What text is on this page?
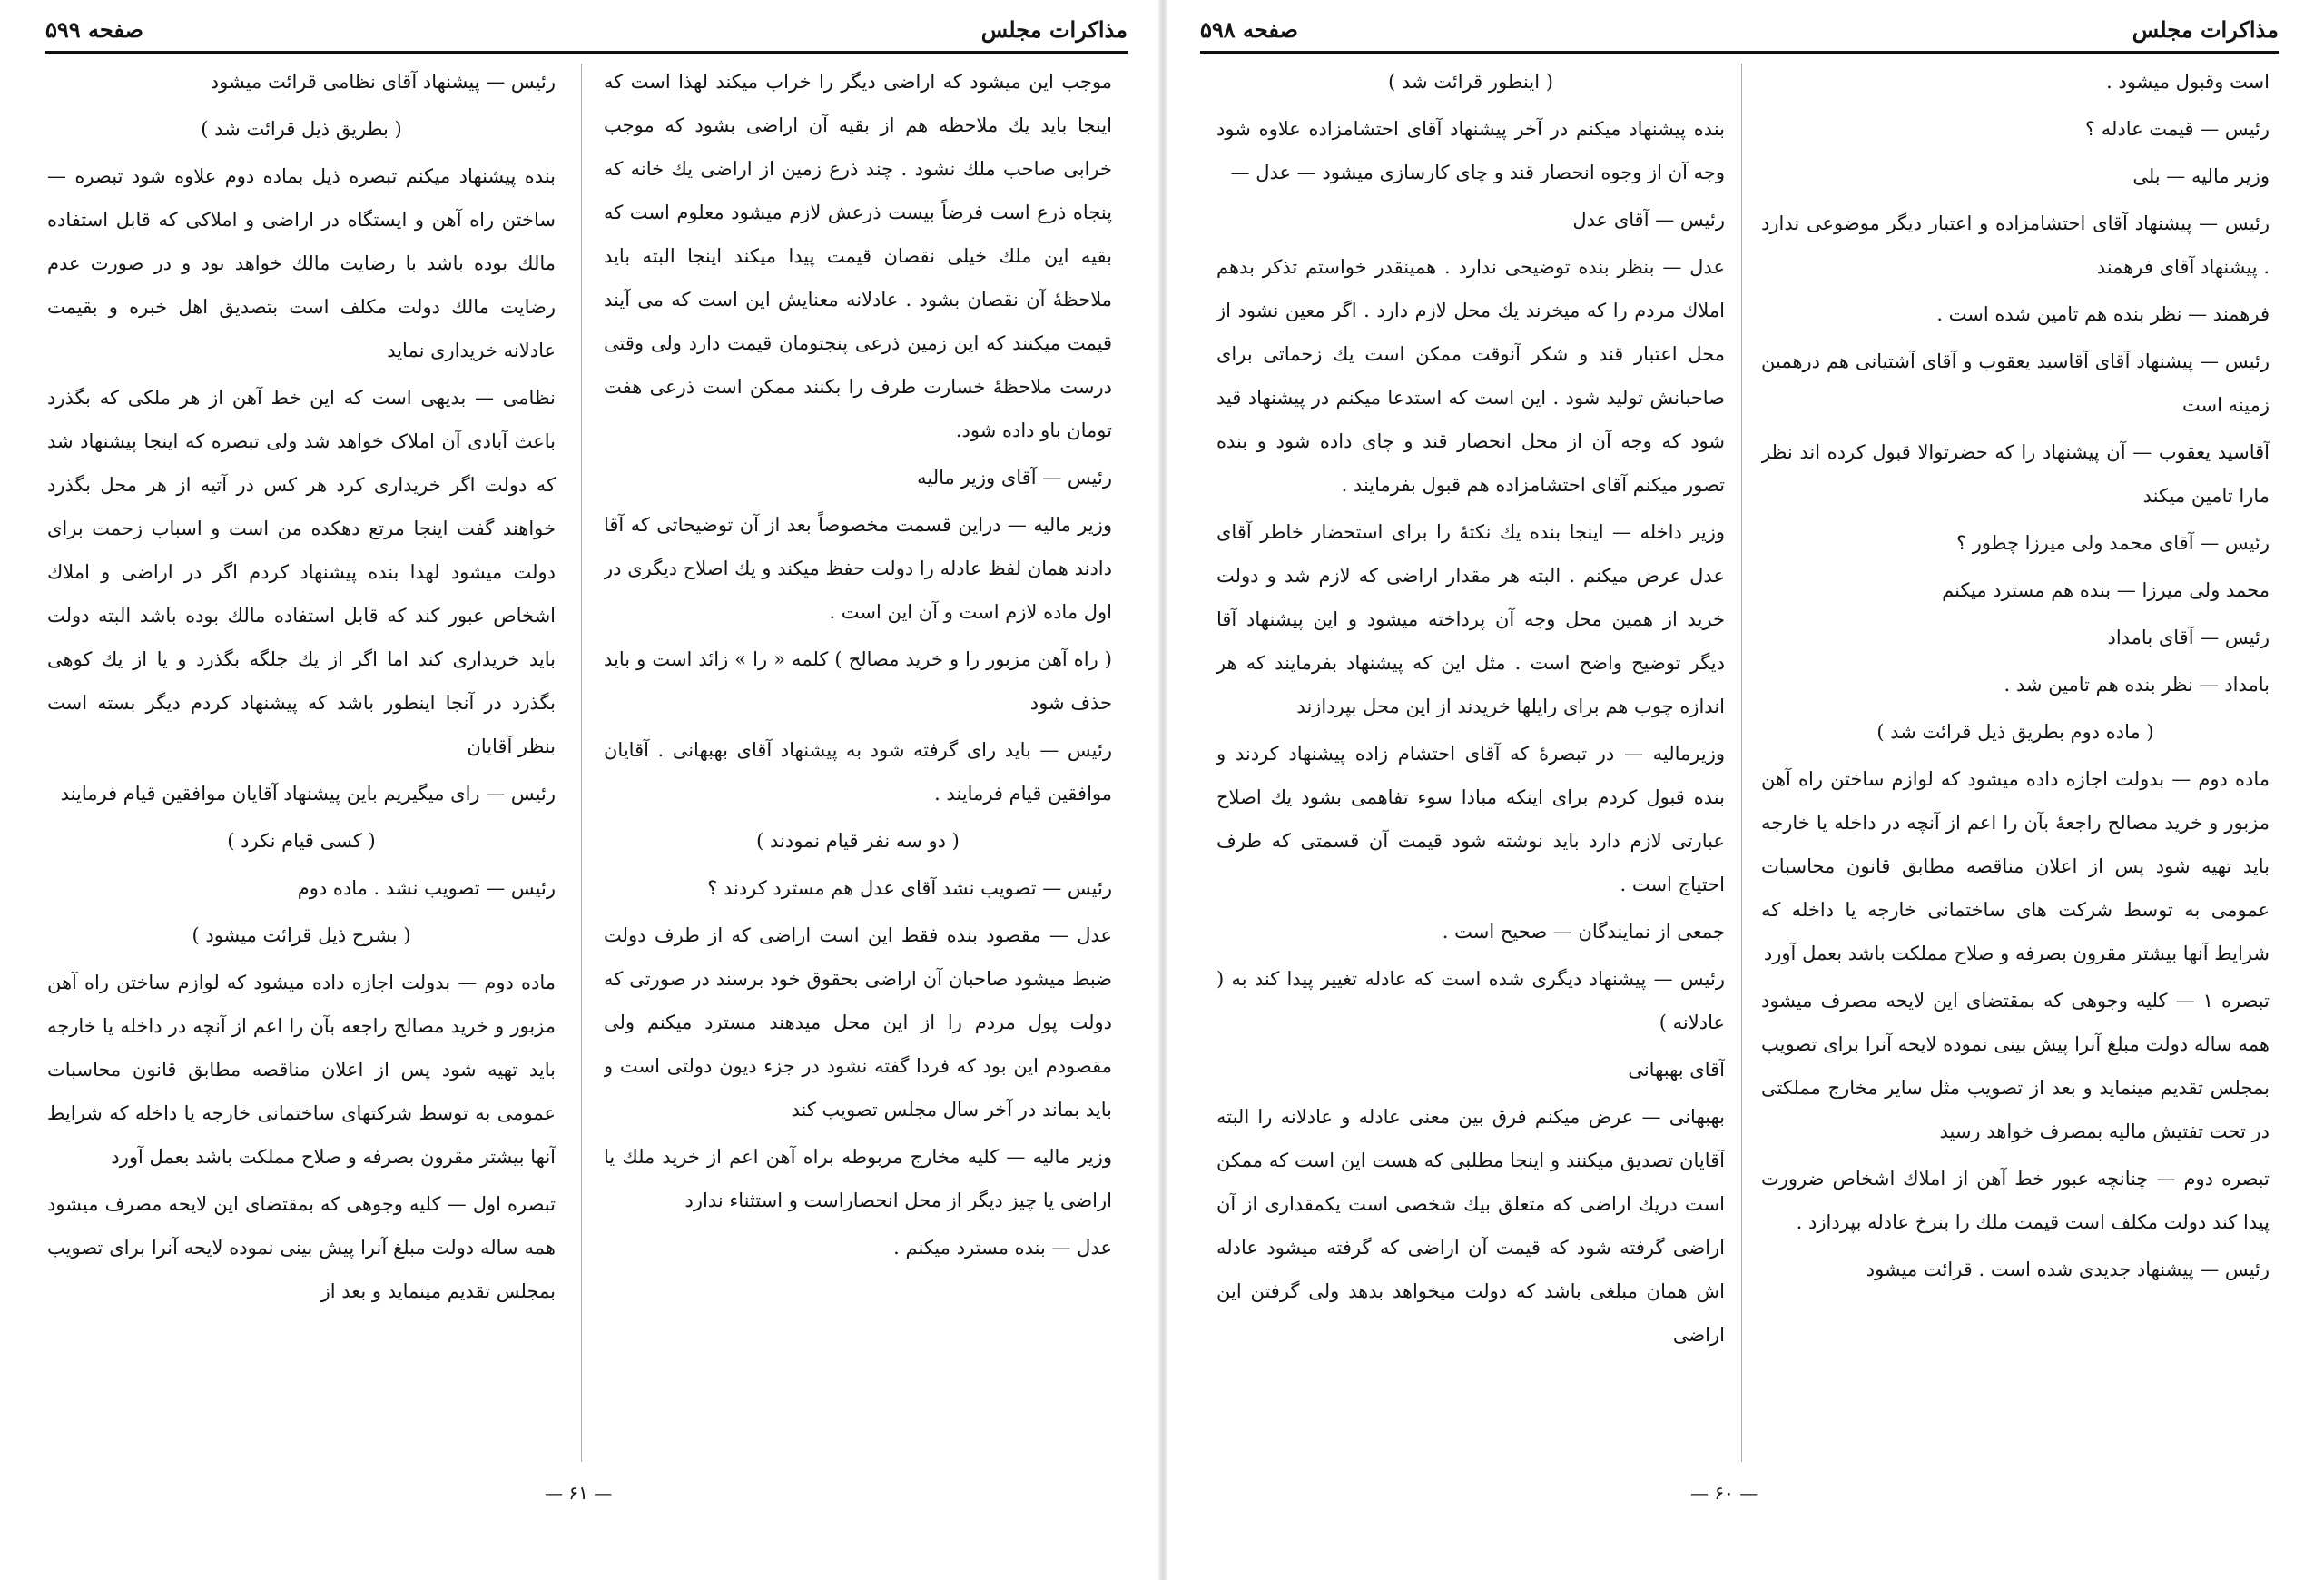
مذاکرات مجلس
صفحه ۵۹۹

موجب این میشود که اراضی دیگر را خراب میکند لهذا است که اینجا باید یك ملاحظه هم از بقیه آن اراضی بشود که موجب خرابی صاحب ملك نشود . چند ذرع زمین از اراضی یك خانه که پنجاه ذرع است فرضاً بیست ذرعش لازم میشود معلوم است که بقیه این ملك خیلی نقصان قیمت پیدا میکند اینجا البته باید ملاحظهٔ آن نقصان بشود . عادلانه معنایش این است که می آیند قیمت میکنند که این زمین ذرعی پنجتومان قیمت دارد ولی وقتی درست ملاحظهٔ خسارت طرف را بکنند ممکن است ذرعی هفت تومان باو داده شود.

رئیس — آقای وزیر مالیه

وزیر مالیه — دراین قسمت مخصوصاً بعد از آن توضیحاتی که آقا دادند همان لفظ عادله را دولت حفظ میکند و یك اصلاح دیگری در اول ماده لازم است و آن این است .

( راه آهن مزبور را و خرید مصالح ) کلمه « را » زائد است و باید حذف شود

رئیس — باید رای گرفته شود به پیشنهاد آقای بهبهانی . آقایان موافقین قیام فرمایند .

( دو سه نفر قیام نمودند )

رئیس — تصویب نشد آقای عدل هم مسترد کردند ؟

عدل — مقصود بنده فقط این است اراضی که از طرف دولت ضبط میشود صاحبان آن اراضی بحقوق خود برسند در صورتی که دولت پول مردم را از این محل میدهند مسترد میکنم ولی مقصودم این بود که فردا گفته نشود در جزء دیون دولتی است و باید بماند در آخر سال مجلس تصویب کند

وزیر مالیه — کلیه مخارج مربوطه براه آهن اعم از خرید ملك یا اراضی یا چیز دیگر از محل انحصاراست و استثناء ندارد

عدل — بنده مسترد میکنم .

رئیس — پیشنهاد آقای نظامی قرائت میشود

( بطریق ذیل قرائت شد )

بنده پیشنهاد میکنم تبصره ذیل بماده دوم علاوه شود تبصره — ساختن راه آهن و ایستگاه در اراضی و املاکی که قابل استفاده مالك بوده باشد با رضایت مالك خواهد بود و در صورت عدم رضایت مالك دولت مکلف است بتصدیق اهل خبره و بقیمت عادلانه خریداری نماید

نظامی — بدیهی است که این خط آهن از هر ملکی که بگذرد باعث آبادی آن املاک خواهد شد ولی تبصره که اینجا پیشنهاد شد که دولت اگر خریداری کرد هر کس در آتیه از هر محل بگذرد خواهند گفت اینجا مرتع دهکده من است و اسباب زحمت برای دولت میشود لهذا بنده پیشنهاد کردم اگر در اراضی و املاك اشخاص عبور کند که قابل استفاده مالك بوده باشد البته دولت باید خریداری کند اما اگر از یك جلگه بگذرد و یا از یك کوهی بگذرد در آنجا اینطور باشد که پیشنهاد کردم دیگر بسته است بنظر آقایان

رئیس — رای میگیریم باین پیشنهاد آقایان موافقین قیام فرمایند

( کسی قیام نکرد )

رئیس — تصویب نشد . ماده دوم

( بشرح ذیل قرائت میشود )

ماده دوم — بدولت اجازه داده میشود که لوازم ساختن راه آهن مزبور و خرید مصالح راجعه بآن را اعم از آنچه در داخله یا خارجه باید تهیه شود پس از اعلان مناقصه مطابق قانون محاسبات عمومی به توسط شرکتهای ساختمانی خارجه یا داخله که شرایط آنها بیشتر مقرون بصرفه و صلاح مملکت باشد بعمل آورد

تبصره اول — کلیه وجوهی که بمقتضای این لایحه مصرف میشود همه ساله دولت مبلغ آنرا پیش بینی نموده لایحه آنرا برای تصویب بمجلس تقدیم مینماید و بعد از

— ۶۱ —
مذاکرات مجلس
صفحه ۵۹۸

( اینطور قرائت شد )

بنده پیشنهاد میکنم در آخر پیشنهاد آقای احتشامزاده علاوه شود وجه آن از وجوه انحصار قند و چای کارسازی میشود — عدل —

رئیس — آقای عدل

عدل — بنظر بنده توضیحی ندارد . همینقدر خواستم تذکر بدهم املاك مردم را که میخرند یك محل لازم دارد . اگر معین نشود از محل اعتبار قند و شکر آنوقت ممکن است یك زحماتی برای صاحبانش تولید شود . این است که استدعا میکنم در پیشنهاد قید شود که وجه آن از محل انحصار قند و چای داده شود و بنده تصور میکنم آقای احتشامزاده هم قبول بفرمایند .

وزیر داخله — اینجا بنده یك نکتهٔ را برای استحضار خاطر آقای عدل عرض میکنم . البته هر مقدار اراضی که لازم شد و دولت خرید از همین محل وجه آن پرداخته میشود و این پیشنهاد آقا دیگر توضیح واضح است . مثل این که پیشنهاد بفرمایند که هر اندازه چوب هم برای رایلها خریدند از این محل بپردازند

وزیرمالیه — در تبصرهٔ که آقای احتشام زاده پیشنهاد کردند و بنده قبول کردم برای اینکه مبادا سوء تفاهمی بشود یك اصلاح عبارتی لازم دارد باید نوشته شود قیمت آن قسمتی که طرف احتیاج است .

جمعی از نمایندگان — صحیح است .

رئیس — پیشنهاد دیگری شده است که عادله تغییر پیدا کند به ( عادلانه )

آقای بهبهانی

بهبهانی — عرض میکنم فرق بین معنی عادله و عادلانه را البته آقایان تصدیق میکنند و اینجا مطلبی که هست این است که ممکن است دریك اراضی که متعلق بیك شخصی است یکمقداری از آن اراضی گرفته شود که قیمت آن اراضی که گرفته میشود عادله اش همان مبلغی باشد که دولت میخواهد بدهد ولی گرفتن این اراضی

است وقبول میشود .

رئیس — قیمت عادله ؟

وزیر مالیه — بلی

رئیس — پیشنهاد آقای احتشامزاده و اعتبار دیگر موضوعی ندارد . پیشنهاد آقای فرهمند

فرهمند — نظر بنده هم تامین شده است .

رئیس — پیشنهاد آقای آقاسید یعقوب و آقای آشتیانی هم درهمین زمینه است

آقاسید یعقوب — آن پیشنهاد را که حضرتوالا قبول کرده اند نظر مارا تامین میکند

رئیس — آقای محمد ولی میرزا چطور ؟

محمد ولی میرزا — بنده هم مسترد میکنم

رئیس — آقای بامداد

بامداد — نظر بنده هم تامین شد .

( ماده دوم بطریق ذیل قرائت شد )

ماده دوم — بدولت اجازه داده میشود که لوازم ساختن راه آهن مزبور و خرید مصالح راجعهٔ بآن را اعم از آنچه در داخله یا خارجه باید تهیه شود پس از اعلان مناقصه مطابق قانون محاسبات عمومی به توسط شرکت های ساختمانی خارجه یا داخله که شرایط آنها بیشتر مقرون بصرفه و صلاح مملکت باشد بعمل آورد

تبصره ۱ — کلیه وجوهی که بمقتضای این لایحه مصرف میشود همه ساله دولت مبلغ آنرا پیش بینی نموده لایحه آنرا برای تصویب بمجلس تقدیم مینماید و بعد از تصویب مثل سایر مخارج مملکتی در تحت تفتیش مالیه بمصرف خواهد رسید

تبصره دوم — چنانچه عبور خط آهن از املاك اشخاص ضرورت پیدا کند دولت مکلف است قیمت ملك را بنرخ عادله بپردازد .

رئیس — پیشنهاد جدیدی شده است . قرائت میشود

— ۶۰ —
